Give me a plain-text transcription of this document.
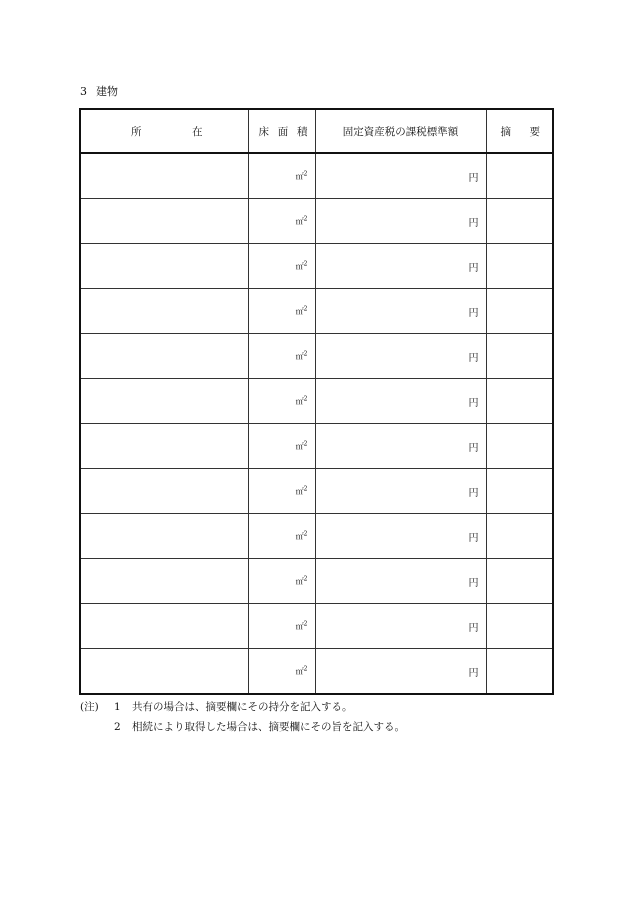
3 建物
所 在	床 面 積	固定資産税の課税標準額	摘 要

	㎡$^2$	円	
	㎡$^2$	円	
	㎡$^2$	円	
	㎡$^2$	円	
	㎡$^2$	円	
	㎡$^2$	円	
	㎡$^2$	円	
	㎡$^2$	円	
	㎡$^2$	円	
	㎡$^2$	円	
	㎡$^2$	円	
	㎡$^2$	円	
(注)	1	共有の場合は、摘要欄にその持分を記入する。
2	相続により取得した場合は、摘要欄にその旨を記入する。
